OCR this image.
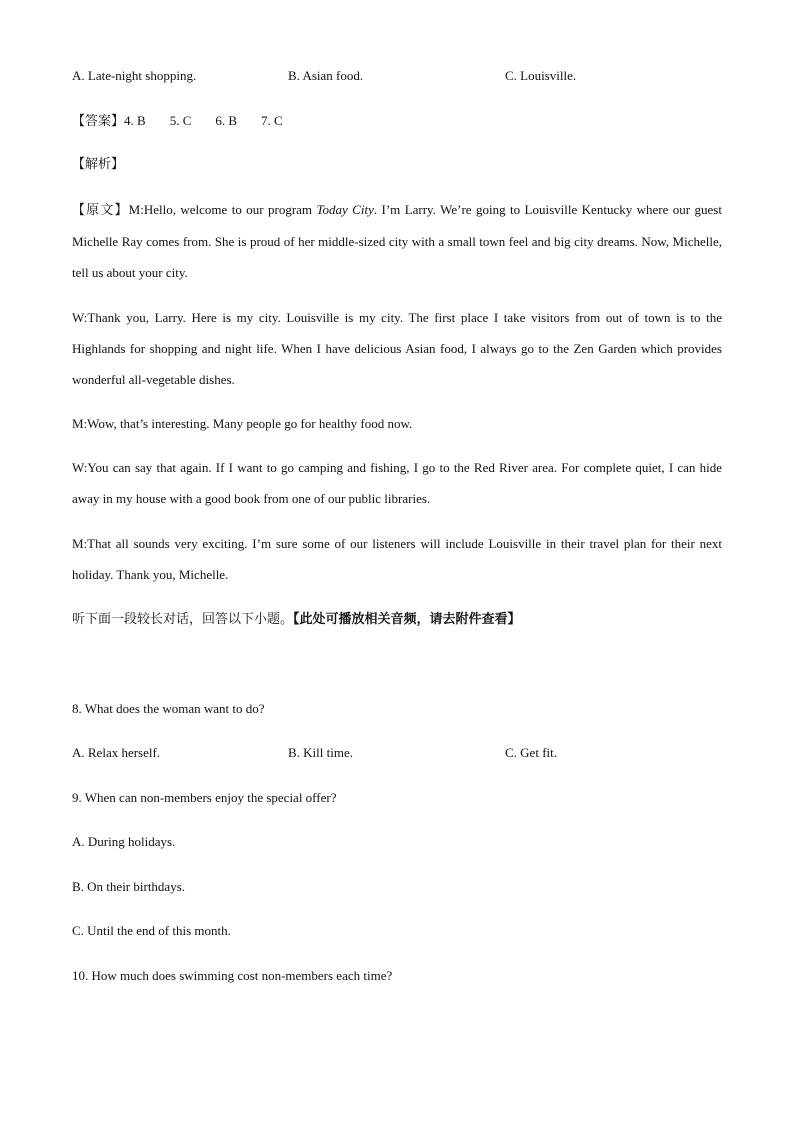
A. Late-night shopping.	B. Asian food.	C. Louisville.
【答案】4. B 5. C 6. B 7. C
【解析】
【原文】M:Hello, welcome to our program Today City. I’m Larry. We’re going to Louisville Kentucky where our guest Michelle Ray comes from. She is proud of her middle-sized city with a small town feel and big city dreams. Now, Michelle, tell us about your city.
W:Thank you, Larry. Here is my city. Louisville is my city. The first place I take visitors from out of town is to the Highlands for shopping and night life. When I have delicious Asian food, I always go to the Zen Garden which provides wonderful all-vegetable dishes.
M:Wow, that’s interesting. Many people go for healthy food now.
W:You can say that again. If I want to go camping and fishing, I go to the Red River area. For complete quiet, I can hide away in my house with a good book from one of our public libraries.
M:That all sounds very exciting. I’m sure some of our listeners will include Louisville in their travel plan for their next holiday. Thank you, Michelle.
听下面一段较长对话，回答以下小题。【此处可播放相关音频，请去附件查看】
8. What does the woman want to do?
A. Relax herself.	B. Kill time.	C. Get fit.
9. When can non-members enjoy the special offer?
A. During holidays.
B. On their birthdays.
C. Until the end of this month.
10. How much does swimming cost non-members each time?
